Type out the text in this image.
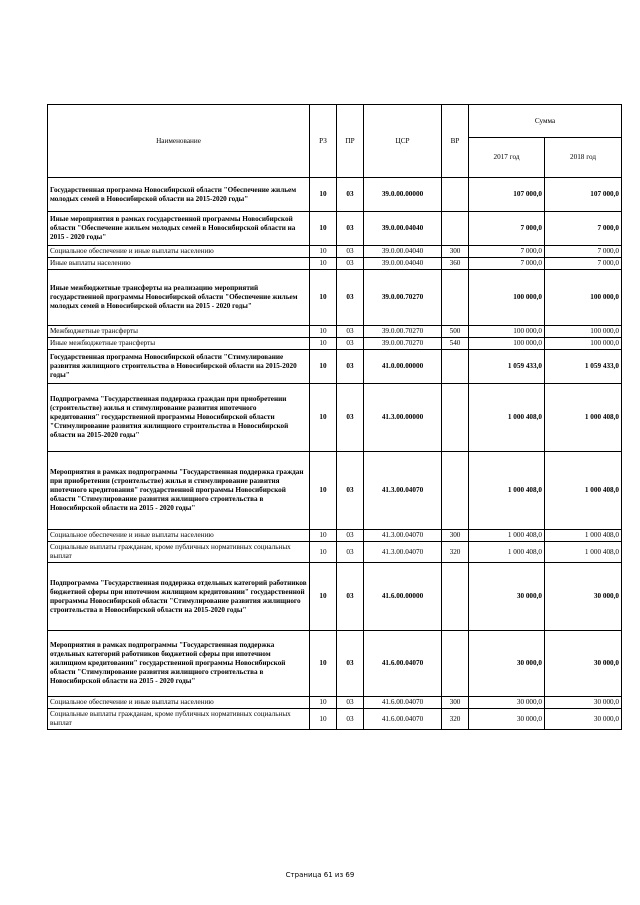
Наименование	РЗ	ПР	ЦСР	ВР	Сумма	
					2017 год	2018 год
Государственная программа Новосибирской области "Обеспечение жильем молодых семей в Новосибирской области на 2015-2020 годы"	10	03	39.0.00.00000		107 000,0	107 000,0
Иные мероприятия в рамках государственной программы Новосибирской области "Обеспечение жильем молодых семей в Новосибирской области на 2015 - 2020 годы"	10	03	39.0.00.04040		7 000,0	7 000,0
Социальное обеспечение и иные выплаты населению	10	03	39.0.00.04040	300	7 000,0	7 000,0
Иные выплаты населению	10	03	39.0.00.04040	360	7 000,0	7 000,0
Иные межбюджетные трансферты на реализацию мероприятий государственной программы Новосибирской области "Обеспечение жильем молодых семей в Новосибирской области на 2015 - 2020 годы"	10	03	39.0.00.70270		100 000,0	100 000,0
Межбюджетные трансферты	10	03	39.0.00.70270	500	100 000,0	100 000,0
Иные межбюджетные трансферты	10	03	39.0.00.70270	540	100 000,0	100 000,0
Государственная программа Новосибирской области "Стимулирование развития жилищного строительства в Новосибирской области на 2015-2020 годы"	10	03	41.0.00.00000		1 059 433,0	1 059 433,0
Подпрограмма "Государственная поддержка граждан при приобретении (строительстве) жилья и стимулирование развития ипотечного кредитования" государственной программы Новосибирской области "Стимулирование развития жилищного строительства в Новосибирской области на 2015-2020 годы"	10	03	41.3.00.00000		1 000 408,0	1 000 408,0
Мероприятия в рамках подпрограммы "Государственная поддержка граждан при приобретении (строительстве) жилья и стимулирование развития ипотечного кредитования" государственной программы Новосибирской области "Стимулирование развития жилищного строительства в Новосибирской области на 2015 - 2020 годы"	10	03	41.3.00.04070		1 000 408,0	1 000 408,0
Социальное обеспечение и иные выплаты населению	10	03	41.3.00.04070	300	1 000 408,0	1 000 408,0
Социальные выплаты гражданам, кроме публичных нормативных социальных выплат	10	03	41.3.00.04070	320	1 000 408,0	1 000 408,0
Подпрограмма "Государственная поддержка отдельных категорий работников бюджетной сферы при ипотечном жилищном кредитовании" государственной программы Новосибирской области "Стимулирование развития жилищного строительства в Новосибирской области на 2015-2020 годы"	10	03	41.6.00.00000		30 000,0	30 000,0
Мероприятия в рамках подпрограммы "Государственная поддержка отдельных категорий работников бюджетной сферы при ипотечном жилищном кредитовании" государственной программы Новосибирской области "Стимулирование развития жилищного строительства в Новосибирской области на 2015 - 2020 годы"	10	03	41.6.00.04070		30 000,0	30 000,0
Социальное обеспечение и иные выплаты населению	10	03	41.6.00.04070	300	30 000,0	30 000,0
Социальные выплаты гражданам, кроме публичных нормативных социальных выплат	10	03	41.6.00.04070	320	30 000,0	30 000,0
Страница 61 из 69
